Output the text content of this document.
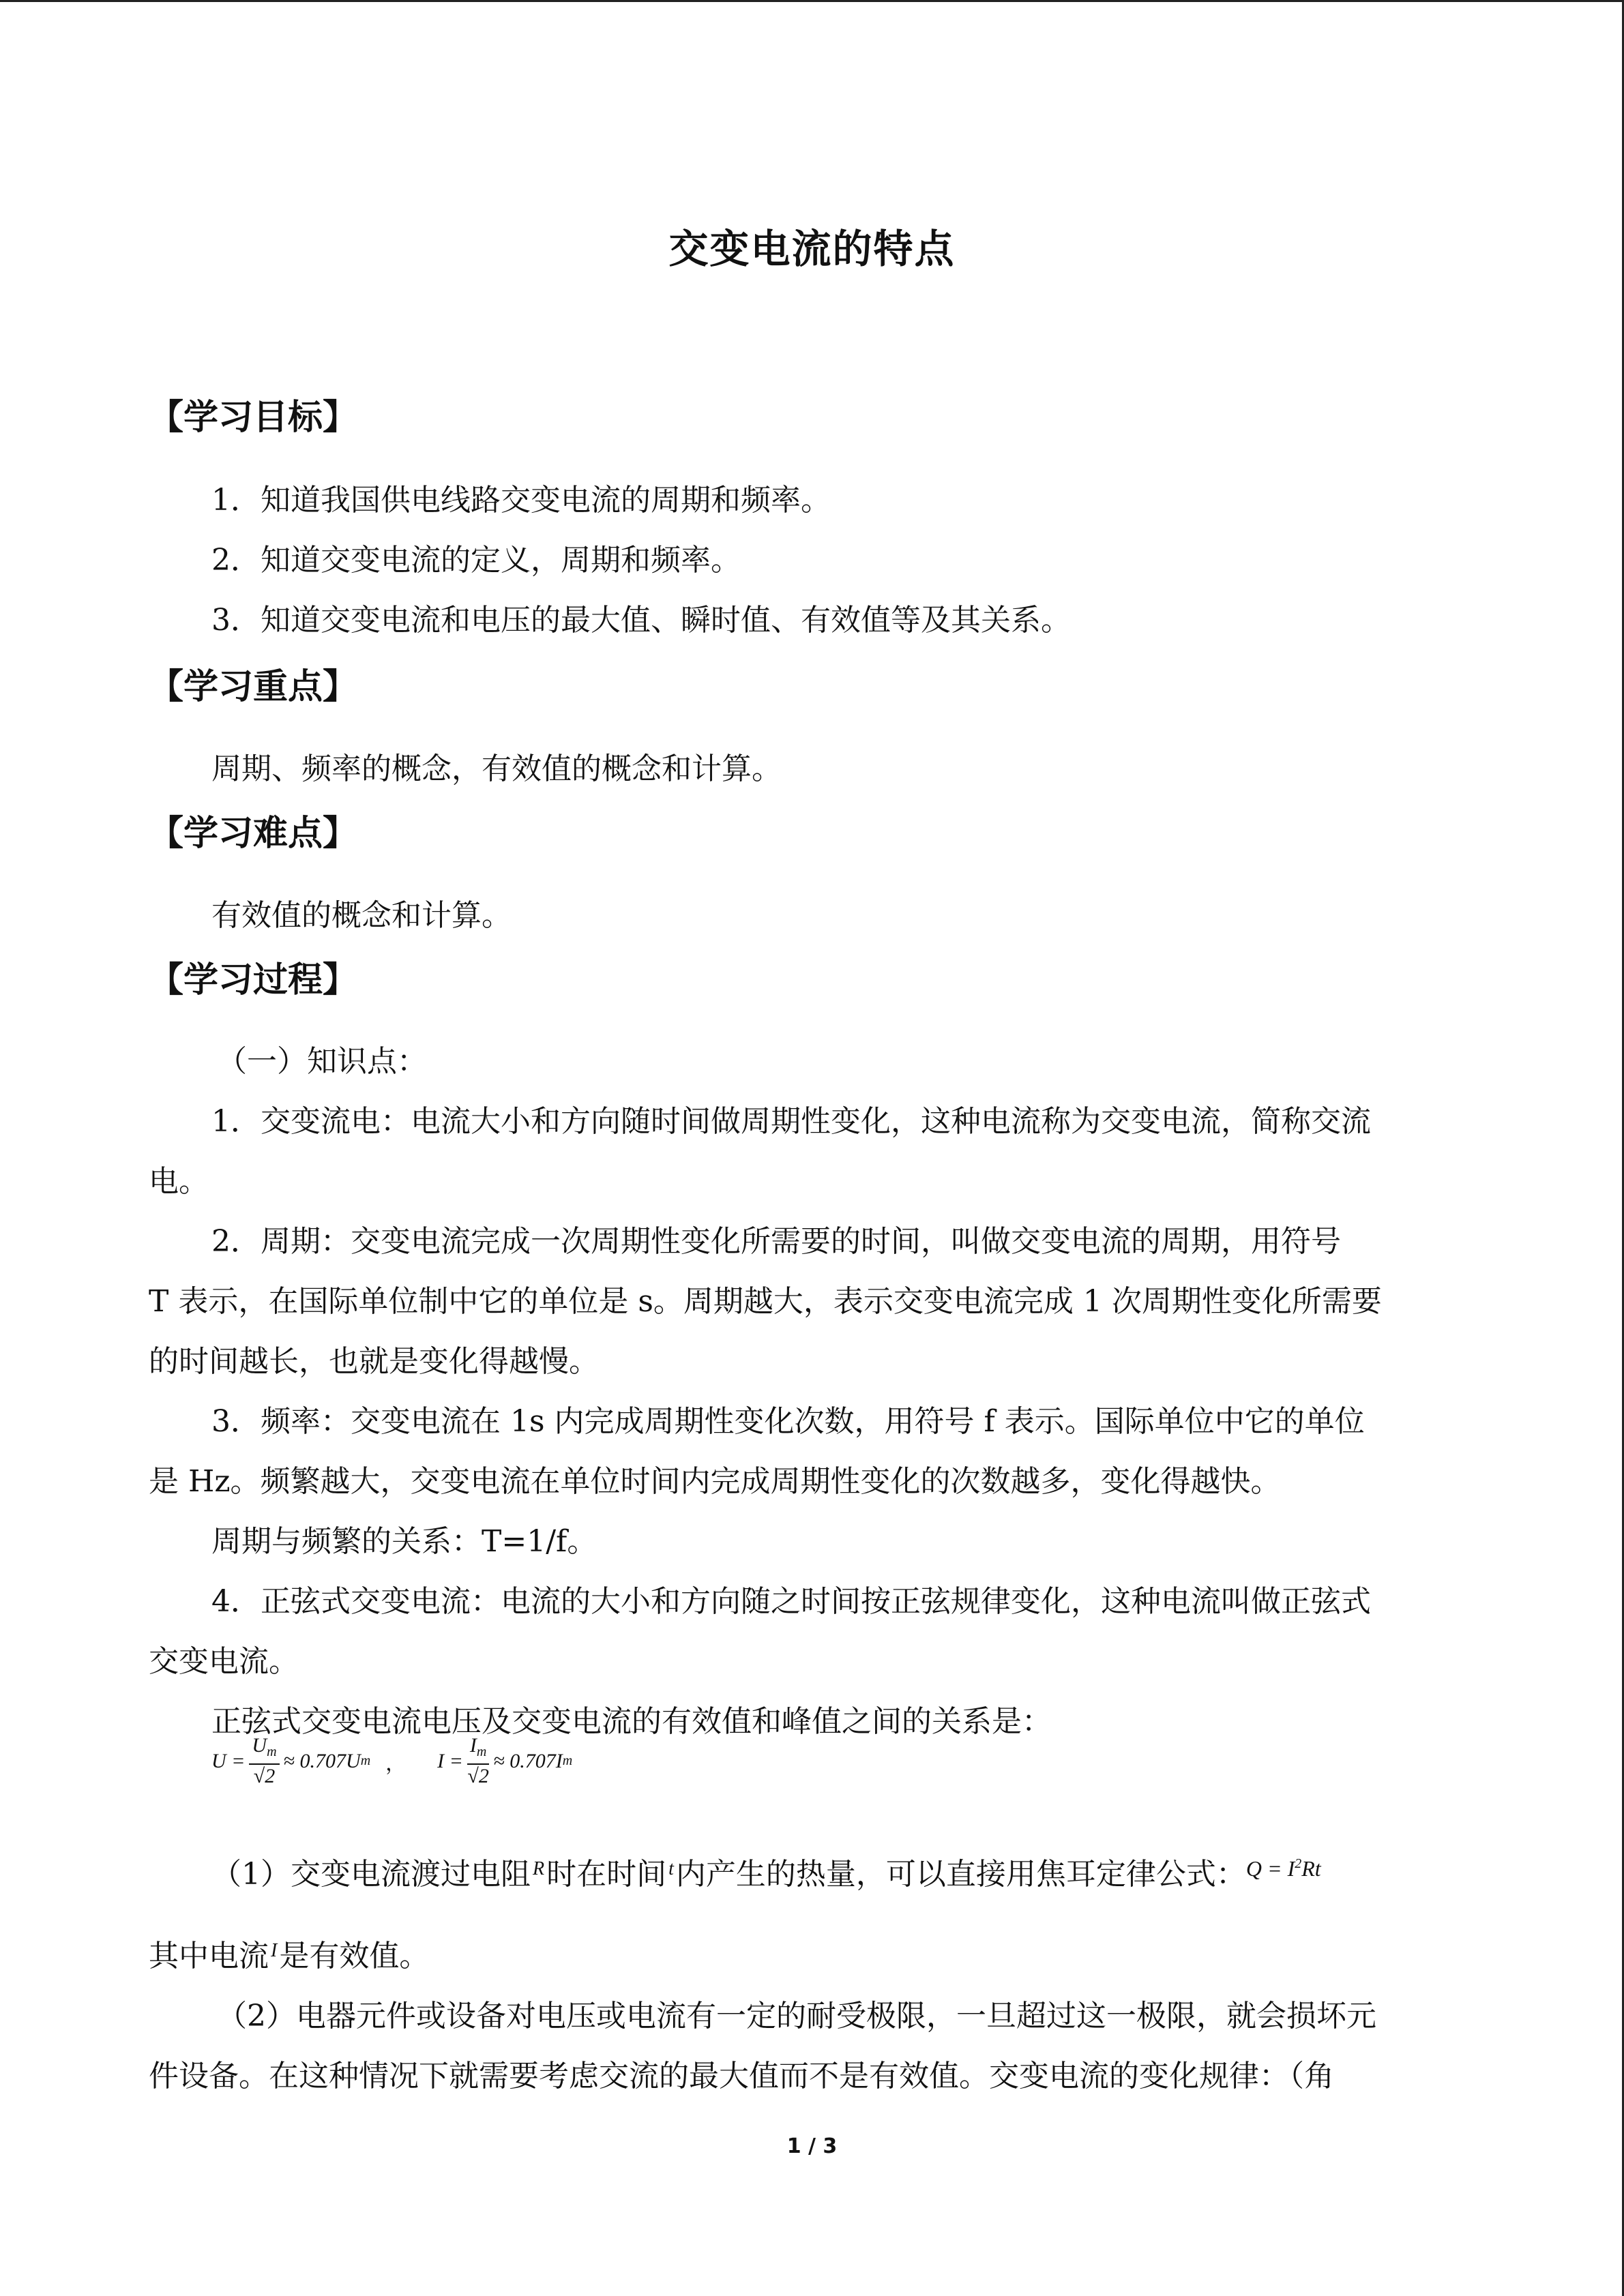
交变电流的特点
【学习目标】
1．知道我国供电线路交变电流的周期和频率。
2．知道交变电流的定义，周期和频率。
3．知道交变电流和电压的最大值、瞬时值、有效值等及其关系。
【学习重点】
周期、频率的概念，有效值的概念和计算。
【学习难点】
有效值的概念和计算。
【学习过程】
（一）知识点：
1．交变流电：电流大小和方向随时间做周期性变化，这种电流称为交变电流，简称交流
电。
2．周期：交变电流完成一次周期性变化所需要的时间，叫做交变电流的周期，用符号
T 表示，在国际单位制中它的单位是 s。周期越大，表示交变电流完成 1 次周期性变化所需要
的时间越长，也就是变化得越慢。
3．频率：交变电流在 1s 内完成周期性变化次数，用符号 f 表示。国际单位中它的单位
是 Hz。频繁越大，交变电流在单位时间内完成周期性变化的次数越多，变化得越快。
周期与频繁的关系：T=1/f。
4．正弦式交变电流：电流的大小和方向随之时间按正弦规律变化，这种电流叫做正弦式
交变电流。
正弦式交变电流电压及交变电流的有效值和峰值之间的关系是：
$U = \frac{U_m}{√2} \approx 0.707U$ m ， $I = \frac{I_m}{√2} \approx 0.707I$ m
（1）交变电流渡过电阻 $^R$时在时间 $^t$内产生的热量，可以直接用焦耳定律公式：$^{Q = I^2Rt}$
其中电流 $^I$是有效值。
（2）电器元件或设备对电压或电流有一定的耐受极限，一旦超过这一极限，就会损坏元
件设备。在这种情况下就需要考虑交流的最大值而不是有效值。交变电流的变化规律：（角
1 / 3
